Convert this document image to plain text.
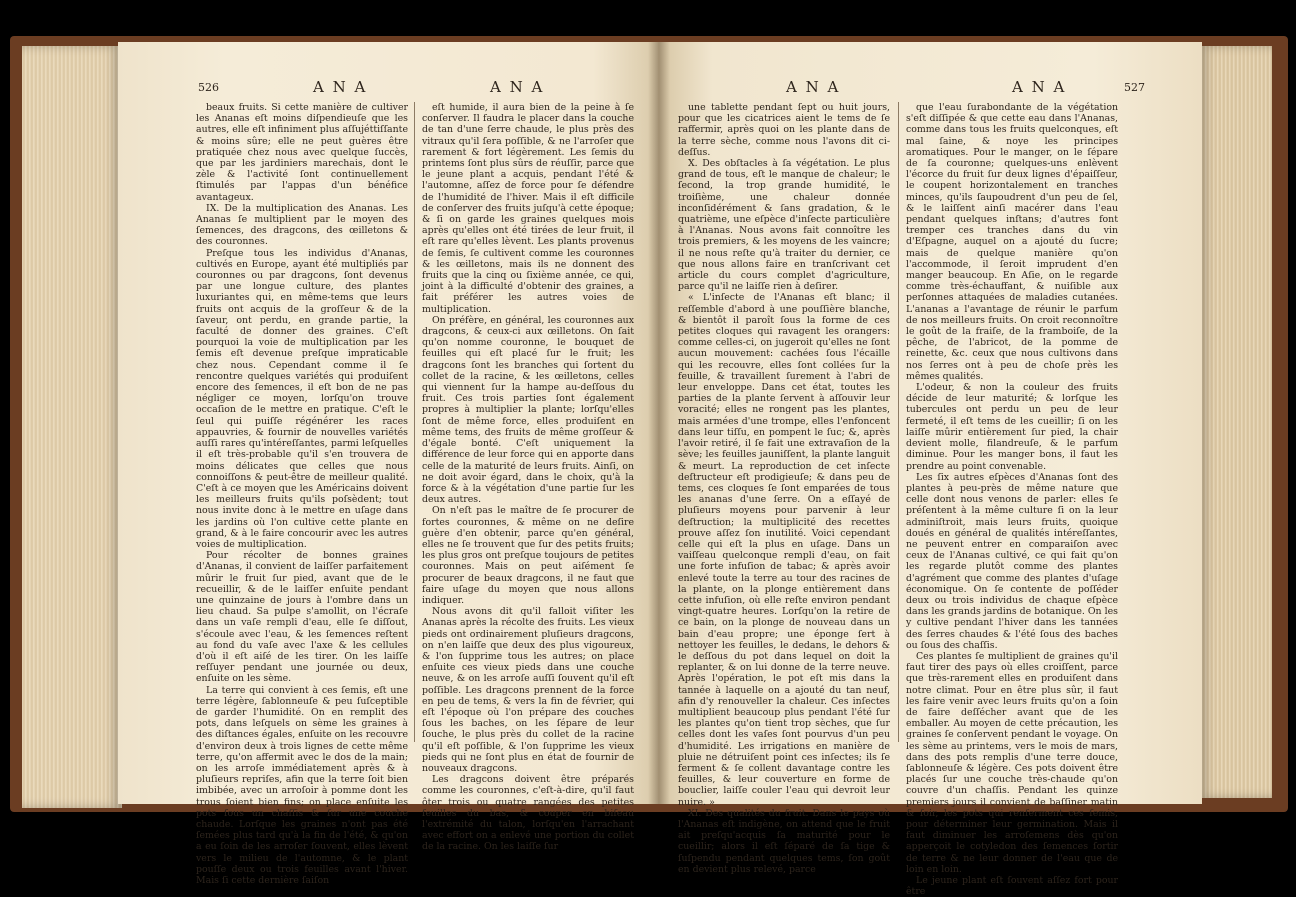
526	A N A	A N A

beaux fruits. Si cette manière de cultiver les Ananas eſt moins diſpendieuſe que les autres, elle eſt infiniment plus aſſujéttiſſante & moins sûre; elle ne peut guères être pratiquée chez nous avec quelque ſuccès, que par les jardiniers marechais, dont le zèle & l'activité ſont continuellement ſtimulés par l'appas d'un bénéfice avantageux.

IX. De la multiplication des Ananas. Les Ananas ſe multiplient par le moyen des ſemences, des dragcons, des œilletons & des couronnes.

Preſque tous les individus d'Ananas, cultivés en Europe, ayant été multipliés par couronnes ou par dragcons, ſont devenus par une longue culture, des plantes luxuriantes qui, en même-tems que leurs fruits ont acquis de la groſſeur & de la ſaveur, ont perdu, en grande partie, la faculté de donner des graines. C'eſt pourquoi la voie de multiplication par les ſemis eſt devenue preſque impraticable chez nous. Cependant comme il ſe rencontre quelques variétés qui produiſent encore des ſemences, il eſt bon de ne pas négliger ce moyen, lorſqu'on trouve occaſion de le mettre en pratique. C'eſt le ſeul qui puiſſe régénérer les races appauvries, & fournir de nouvelles variétés auſſi rares qu'intéreſſantes, parmi leſquelles il eſt très-probable qu'il s'en trouvera de moins délicates que celles que nous connoiſſons & peut-être de meilleur qualité. C'eſt à ce moyen que les Américains doivent les meilleurs fruits qu'ils poſsèdent; tout nous invite donc à le mettre en uſage dans les jardins où l'on cultive cette plante en grand, & à le faire concourir avec les autres voies de multiplication.

Pour récolter de bonnes graines d'Ananas, il convient de laiſſer parfaitement mûrir le fruit ſur pied, avant que de le recueillir, & de le laiſſer enſuite pendant une quinzaine de jours à l'ombre dans un lieu chaud. Sa pulpe s'amollit, on l'écraſe dans un vaſe rempli d'eau, elle ſe diſſout, s'écoule avec l'eau, & les ſemences reſtent au fond du vaſe avec l'axe & les cellules d'où il eſt aiſé de les tirer. On les laiſſe reſſuyer pendant une journée ou deux, enſuite on les sème.

La terre qui convient à ces ſemis, eſt une terre légère, ſablonneuſe & peu ſuſceptible de garder l'humidité. On en remplit des pots, dans leſquels on sème les graines à des diſtances égales, enſuite on les recouvre d'environ deux à trois lignes de cette même terre, qu'on affermit avec le dos de la main; on les arroſe immédiatement après & à pluſieurs repriſes, afin que la terre ſoit bien imbibée, avec un arroſoir à pomme dont les trous ſoient bien fins; on place enſuite les pots ſous un chaſſis & ſur une couche chaude. Lorſque les graines n'ont pas été ſemées plus tard qu'à la fin de l'été, & qu'on a eu ſoin de les arroſer ſouvent, elles lèvent vers le milieu de l'automne, & le plant pouſſe deux ou trois feuilles avant l'hiver. Mais ſi cette dernière ſaiſon

eſt humide, il aura bien de la peine à ſe conſerver. Il faudra le placer dans la couche de tan d'une ſerre chaude, le plus près des vitraux qu'il ſera poſſible, & ne l'arroſer que rarement & fort légèrement. Les ſemis du printems ſont plus sûrs de réuſſir, parce que le jeune plant a acquis, pendant l'été & l'automne, aſſez de force pour ſe défendre de l'humidité de l'hiver. Mais il eſt difficile de conſerver des fruits juſqu'à cette époque; & ſi on garde les graines quelques mois après qu'elles ont été tirées de leur fruit, il eſt rare qu'elles lèvent. Les plants provenus de ſemis, ſe cultivent comme les couronnes & les œilletons, mais ils ne donnent des fruits que la cinq ou ſixième année, ce qui, joint à la difficulté d'obtenir des graines, a fait préférer les autres voies de multiplication.

On préfère, en général, les couronnes aux dragcons, & ceux-ci aux œilletons. On ſait qu'on nomme couronne, le bouquet de feuilles qui eſt placé ſur le fruit; les dragcons ſont les branches qui ſortent du collet de la racine, & les œilletons, celles qui viennent ſur la hampe au-deſſous du fruit. Ces trois parties ſont également propres à multiplier la plante; lorſqu'elles ſont de même force, elles produiſent en même tems, des fruits de même groſſeur & d'égale bonté. C'eſt uniquement la différence de leur force qui en apporte dans celle de la maturité de leurs fruits. Ainſi, on ne doit avoir égard, dans le choix, qu'à la force & à la végétation d'une partie ſur les deux autres.

On n'eſt pas le maître de ſe procurer de fortes couronnes, & même on ne deſire guère d'en obtenir, parce qu'en général, elles ne ſe trouvent que ſur des petits fruits; les plus gros ont preſque toujours de petites couronnes. Mais on peut aiſément ſe procurer de beaux dragcons, il ne faut que faire uſage du moyen que nous allons indiquer.

Nous avons dit qu'il falloit viſiter les Ananas après la récolte des fruits. Les vieux pieds ont ordinairement pluſieurs dragcons, on n'en laiſſe que deux des plus vigoureux, & l'on ſupprime tous les autres; on place enſuite ces vieux pieds dans une couche neuve, & on les arroſe auſſi ſouvent qu'il eſt poſſible. Les dragcons prennent de la force en peu de tems, & vers la fin de février, qui eſt l'époque où l'on prépare des couches ſous les baches, on les ſépare de leur ſouche, le plus près du collet de la racine qu'il eſt poſſible, & l'on ſupprime les vieux pieds qui ne ſont plus en état de fournir de nouveaux dragcons.

Les dragcons doivent être préparés comme les couronnes, c'eſt-à-dire, qu'il faut ôter trois ou quatre rangées des petites feuilles du bas, & couper en biſeau l'extrémité du talon, lorſqu'en l'arrachant avec effort on a enlevé une portion du collet de la racine. On les laiſſe ſur

A N A	A N A	527

une tablette pendant ſept ou huit jours, pour que les cicatrices aient le tems de ſe raffermir, après quoi on les plante dans de la terre sèche, comme nous l'avons dit ci-deſſus.

X. Des obſtacles à ſa végétation. Le plus grand de tous, eſt le manque de chaleur; le ſecond, la trop grande humidité, le troiſième, une chaleur donnée inconſidérément & ſans gradation, & le quatrième, une eſpèce d'inſecte particulière à l'Ananas. Nous avons fait connoître les trois premiers, & les moyens de les vaincre; il ne nous reſte qu'à traiter du dernier, ce que nous allons faire en tranſcrivant cet article du cours complet d'agriculture, parce qu'il ne laiſſe rien à deſirer.

« L'inſecte de l'Ananas eſt blanc; il reſſemble d'abord à une pouſſière blanche, & bientôt il paroît ſous la forme de ces petites cloques qui ravagent les orangers: comme celles-ci, on jugeroit qu'elles ne ſont aucun mouvement: cachées ſous l'écaille qui les recouvre, elles ſont collées ſur la feuille, & travaillent ſurement à l'abri de leur enveloppe. Dans cet état, toutes les parties de la plante ſervent à aſſouvir leur voracité; elles ne rongent pas les plantes, mais armées d'une trompe, elles l'enfoncent dans leur tiſſu, en pompent le ſuc; &, après l'avoir retiré, il ſe fait une extravaſion de la sève; les feuilles jauniſſent, la plante languit & meurt. La reproduction de cet inſecte deſtructeur eſt prodigieuſe; & dans peu de tems, ces cloques ſe ſont emparées de tous les ananas d'une ſerre. On a eſſayé de pluſieurs moyens pour parvenir à leur deſtruction; la multiplicité des recettes prouve aſſez ſon inutilité. Voici cependant celle qui eſt la plus en uſage. Dans un vaiſſeau quelconque rempli d'eau, on fait une forte infuſion de tabac; & après avoir enlevé toute la terre au tour des racines de la plante, on la plonge entièrement dans cette infuſion, où elle reſte environ pendant vingt-quatre heures. Lorſqu'on la retire de ce bain, on la plonge de nouveau dans un bain d'eau propre; une éponge ſert à nettoyer les feuilles, le dedans, le dehors & le deſſous du pot dans lequel on doit la replanter, & on lui donne de la terre neuve. Après l'opération, le pot eſt mis dans la tannée à laquelle on a ajouté du tan neuf, afin d'y renouveller la chaleur. Ces inſectes multiplient beaucoup plus pendant l'été ſur les plantes qu'on tient trop sèches, que ſur celles dont les vaſes ſont pourvus d'un peu d'humidité. Les irrigations en manière de pluie ne détruiſent point ces inſectes; ils ſe ferment & ſe collent davantage contre les feuilles, & leur couverture en forme de bouclier, laiſſe couler l'eau qui devroit leur nuire. »

XI. Des qualités du fruit. Dans le pays où l'Ananas eſt indigène, on attend que le fruit ait preſqu'acquis ſa maturité pour le cueillir; alors il eſt ſéparé de ſa tige & ſuſpendu pendant quelques tems, ſon goût en devient plus relevé, parce

que l'eau ſurabondante de la végétation s'eſt diſſipée & que cette eau dans l'Ananas, comme dans tous les fruits quelconques, eſt mal ſaine, & noye les principes aromatiques. Pour le manger, on le ſépare de ſa couronne; quelques-uns enlèvent l'écorce du fruit ſur deux lignes d'épaiſſeur, le coupent horizontalement en tranches minces, qu'ils ſaupoudrent d'un peu de ſel, & le laiſſent ainſi macérer dans l'eau pendant quelques inſtans; d'autres font tremper ces tranches dans du vin d'Eſpagne, auquel on a ajouté du ſucre; mais de quelque manière qu'on l'accommode, il ſeroit imprudent d'en manger beaucoup. En Aſie, on le regarde comme très-échauffant, & nuiſible aux perſonnes attaquées de maladies cutanées. L'ananas a l'avantage de réunir le parfum de nos meilleurs fruits. On croit reconnoître le goût de la fraiſe, de la framboiſe, de la pêche, de l'abricot, de la pomme de reinette, &c. ceux que nous cultivons dans nos ſerres ont à peu de choſe près les mêmes qualités.

L'odeur, & non la couleur des fruits décide de leur maturité; & lorſque les tubercules ont perdu un peu de leur fermeté, il eſt tems de les cueillir; ſi on les laiſſe mûrir entièrement ſur pied, la chair devient molle, filandreuſe, & le parfum diminue. Pour les manger bons, il faut les prendre au point convenable.

Les ſix autres eſpèces d'Ananas ſont des plantes à peu-près de même nature que celle dont nous venons de parler: elles ſe préſentent à la même culture ſi on la leur adminiſtroit, mais leurs fruits, quoique doués en général de qualités intéreſſantes, ne peuvent entrer en comparaiſon avec ceux de l'Ananas cultivé, ce qui fait qu'on les regarde plutôt comme des plantes d'agrément que comme des plantes d'uſage économique. On ſe contente de poſſéder deux ou trois individus de chaque eſpèce dans les grands jardins de botanique. On les y cultive pendant l'hiver dans les tannées des ſerres chaudes & l'été ſous des baches ou ſous des chaſſis.

Ces plantes ſe multiplient de graines qu'il faut tirer des pays où elles croiſſent, parce que très-rarement elles en produiſent dans notre climat. Pour en être plus sûr, il faut les faire venir avec leurs fruits qu'on a ſoin de faire deſſécher avant que de les emballer. Au moyen de cette précaution, les graines ſe conſervent pendant le voyage. On les sème au printems, vers le mois de mars, dans des pots remplis d'une terre douce, ſablonneuſe & légère. Ces pots doivent être placés ſur une couche très-chaude qu'on couvre d'un chaſſis. Pendant les quinze premiers jours il convient de baſſiner matin & ſoir, les pots qui renferment ces ſemis, pour déterminer leur germination. Mais il faut diminuer les arroſemens dès qu'on apperçoit le cotyledon des ſemences ſortir de terre & ne leur donner de l'eau que de loin en loin.

Le jeune plant eſt ſouvent aſſez fort pour être
